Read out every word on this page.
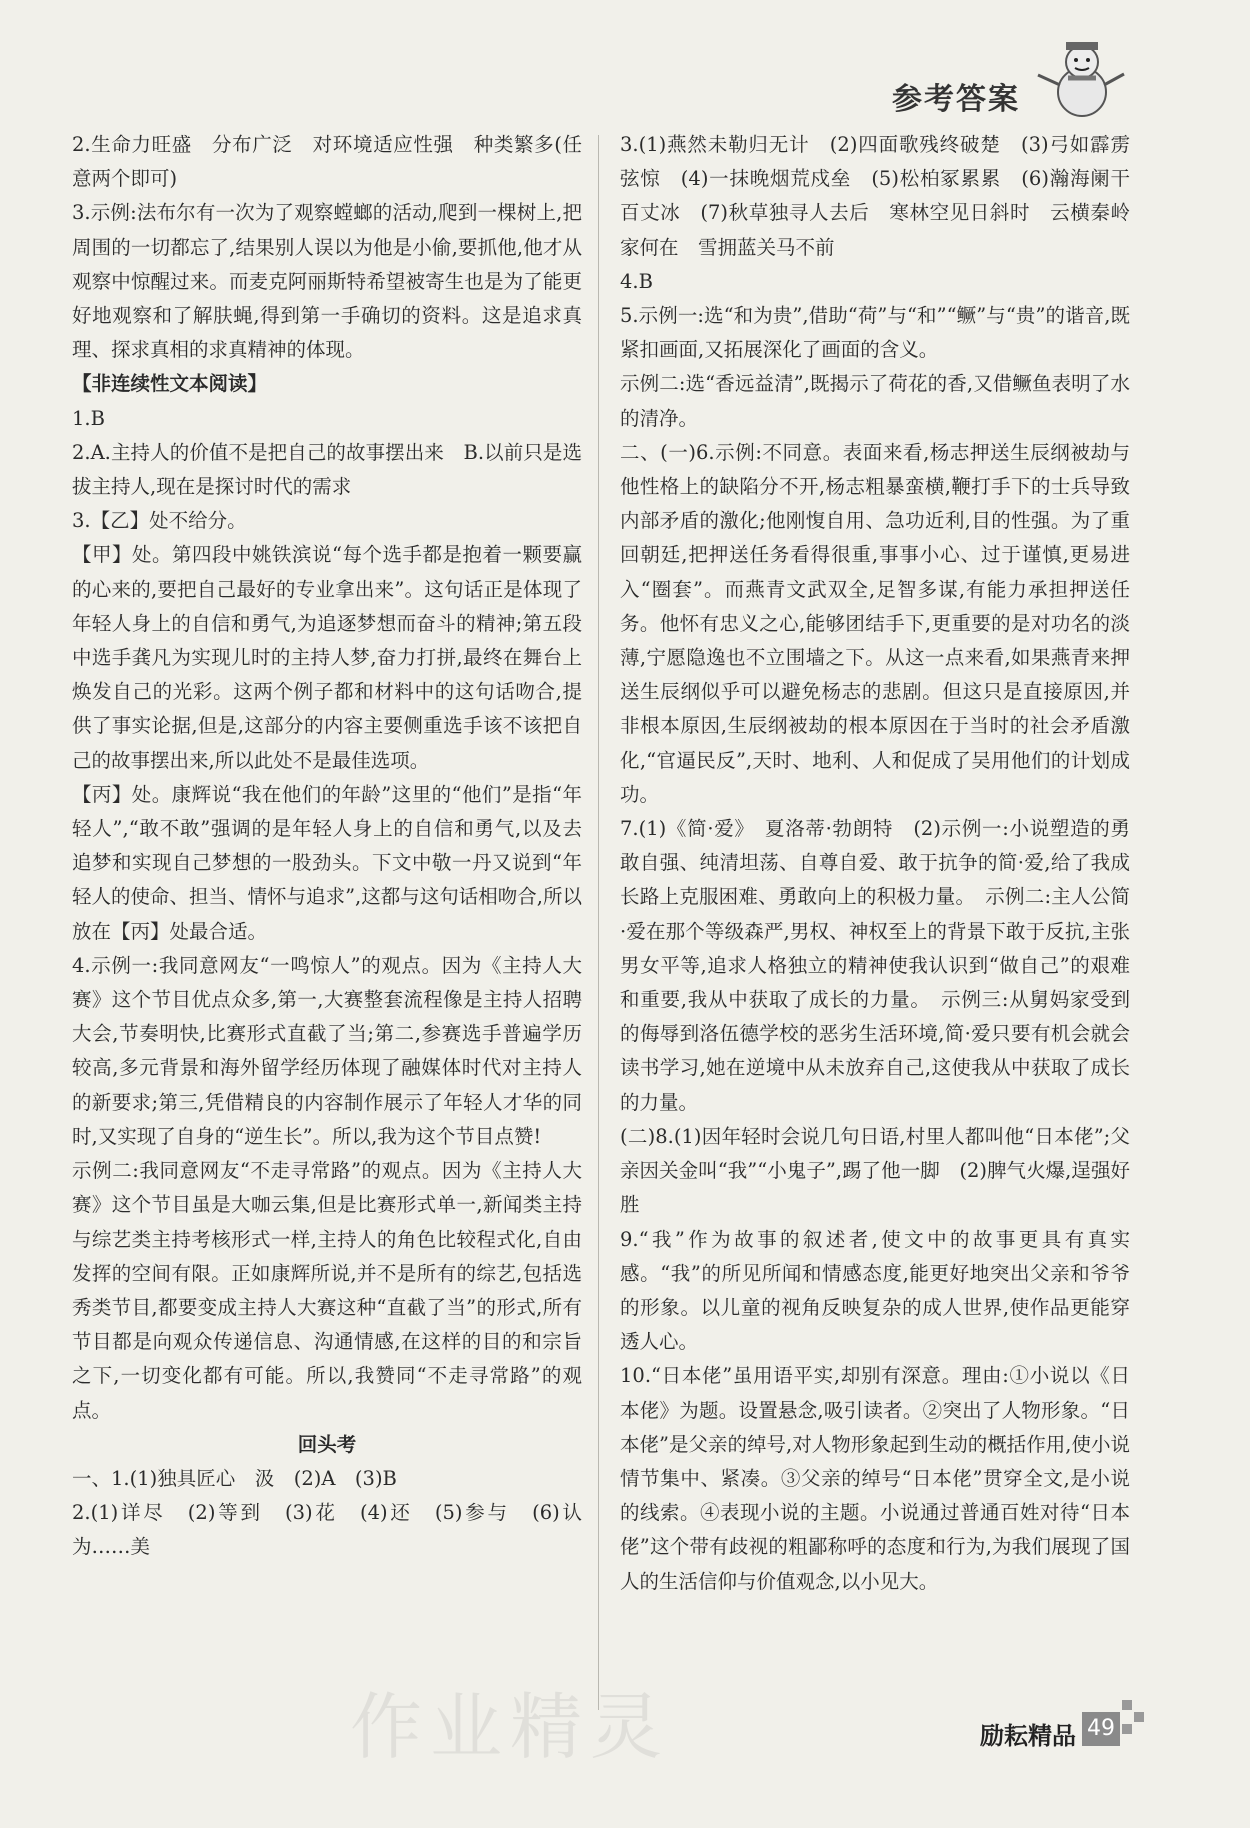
参考答案

2.生命力旺盛　分布广泛　对环境适应性强　种类繁多(任意两个即可)

3.示例:法布尔有一次为了观察螳螂的活动,爬到一棵树上,把周围的一切都忘了,结果别人误以为他是小偷,要抓他,他才从观察中惊醒过来。而麦克阿丽斯特希望被寄生也是为了能更好地观察和了解肤蝇,得到第一手确切的资料。这是追求真理、探求真相的求真精神的体现。

【非连续性文本阅读】

1.B

2.A.主持人的价值不是把自己的故事摆出来　B.以前只是选拔主持人,现在是探讨时代的需求

3.【乙】处不给分。

【甲】处。第四段中姚铁滨说“每个选手都是抱着一颗要赢的心来的,要把自己最好的专业拿出来”。这句话正是体现了年轻人身上的自信和勇气,为追逐梦想而奋斗的精神;第五段中选手龚凡为实现儿时的主持人梦,奋力打拼,最终在舞台上焕发自己的光彩。这两个例子都和材料中的这句话吻合,提供了事实论据,但是,这部分的内容主要侧重选手该不该把自己的故事摆出来,所以此处不是最佳选项。

【丙】处。康辉说“我在他们的年龄”这里的“他们”是指“年轻人”,“敢不敢”强调的是年轻人身上的自信和勇气,以及去追梦和实现自己梦想的一股劲头。下文中敬一丹又说到“年轻人的使命、担当、情怀与追求”,这都与这句话相吻合,所以放在【丙】处最合适。

4.示例一:我同意网友“一鸣惊人”的观点。因为《主持人大赛》这个节目优点众多,第一,大赛整套流程像是主持人招聘大会,节奏明快,比赛形式直截了当;第二,参赛选手普遍学历较高,多元背景和海外留学经历体现了融媒体时代对主持人的新要求;第三,凭借精良的内容制作展示了年轻人才华的同时,又实现了自身的“逆生长”。所以,我为这个节目点赞!

示例二:我同意网友“不走寻常路”的观点。因为《主持人大赛》这个节目虽是大咖云集,但是比赛形式单一,新闻类主持与综艺类主持考核形式一样,主持人的角色比较程式化,自由发挥的空间有限。正如康辉所说,并不是所有的综艺,包括选秀类节目,都要变成主持人大赛这种“直截了当”的形式,所有节目都是向观众传递信息、沟通情感,在这样的目的和宗旨之下,一切变化都有可能。所以,我赞同“不走寻常路”的观点。

回头考

一、1.(1)独具匠心　汲　(2)A　(3)B

2.(1)详尽　(2)等到　(3)花　(4)还　(5)参与　(6)认为……美

3.(1)燕然未勒归无计　(2)四面歌残终破楚　(3)弓如霹雳弦惊　(4)一抹晚烟荒戍垒　(5)松柏冢累累　(6)瀚海阑干百丈冰　(7)秋草独寻人去后　寒林空见日斜时　云横秦岭家何在　雪拥蓝关马不前

4.B

5.示例一:选“和为贵”,借助“荷”与“和”“鳜”与“贵”的谐音,既紧扣画面,又拓展深化了画面的含义。

示例二:选“香远益清”,既揭示了荷花的香,又借鳜鱼表明了水的清净。

二、(一)6.示例:不同意。表面来看,杨志押送生辰纲被劫与他性格上的缺陷分不开,杨志粗暴蛮横,鞭打手下的士兵导致内部矛盾的激化;他刚愎自用、急功近利,目的性强。为了重回朝廷,把押送任务看得很重,事事小心、过于谨慎,更易进入“圈套”。而燕青文武双全,足智多谋,有能力承担押送任务。他怀有忠义之心,能够团结手下,更重要的是对功名的淡薄,宁愿隐逸也不立围墙之下。从这一点来看,如果燕青来押送生辰纲似乎可以避免杨志的悲剧。但这只是直接原因,并非根本原因,生辰纲被劫的根本原因在于当时的社会矛盾激化,“官逼民反”,天时、地利、人和促成了吴用他们的计划成功。

7.(1)《简·爱》　夏洛蒂·勃朗特　(2)示例一:小说塑造的勇敢自强、纯清坦荡、自尊自爱、敢于抗争的简·爱,给了我成长路上克服困难、勇敢向上的积极力量。　示例二:主人公简·爱在那个等级森严,男权、神权至上的背景下敢于反抗,主张男女平等,追求人格独立的精神使我认识到“做自己”的艰难和重要,我从中获取了成长的力量。　示例三:从舅妈家受到的侮辱到洛伍德学校的恶劣生活环境,简·爱只要有机会就会读书学习,她在逆境中从未放弃自己,这使我从中获取了成长的力量。

(二)8.(1)因年轻时会说几句日语,村里人都叫他“日本佬”;父亲因关金叫“我”“小鬼子”,踢了他一脚　(2)脾气火爆,逞强好胜

9.“我”作为故事的叙述者,使文中的故事更具有真实感。“我”的所见所闻和情感态度,能更好地突出父亲和爷爷的形象。以儿童的视角反映复杂的成人世界,使作品更能穿透人心。

10.“日本佬”虽用语平实,却别有深意。理由:①小说以《日本佬》为题。设置悬念,吸引读者。②突出了人物形象。“日本佬”是父亲的绰号,对人物形象起到生动的概括作用,使小说情节集中、紧凑。③父亲的绰号“日本佬”贯穿全文,是小说的线索。④表现小说的主题。小说通过普通百姓对待“日本佬”这个带有歧视的粗鄙称呼的态度和行为,为我们展现了国人的生活信仰与价值观念,以小见大。

作业精灵	励耘精品 49
